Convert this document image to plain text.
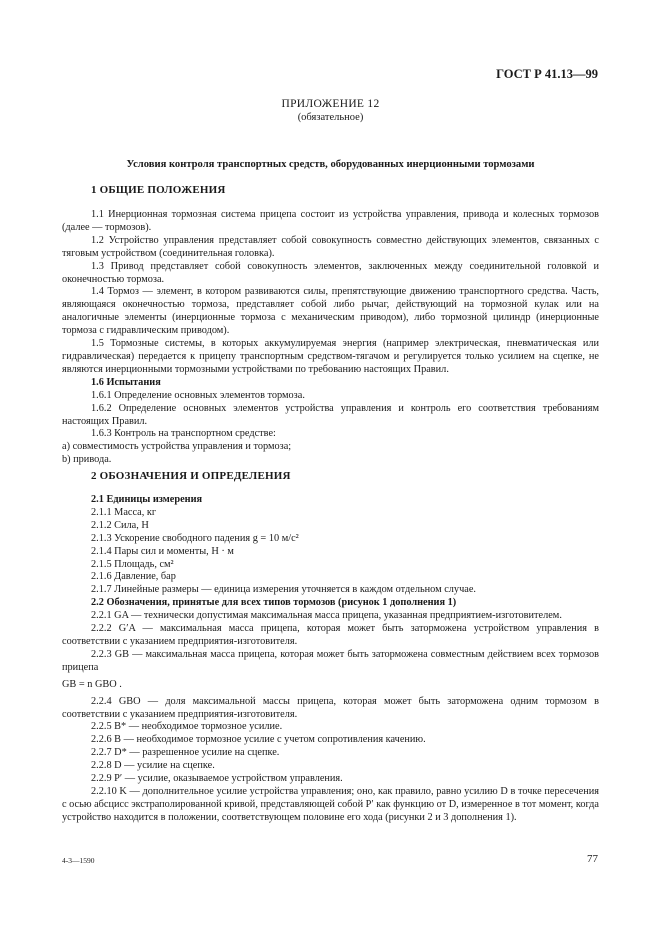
ГОСТ Р 41.13—99
ПРИЛОЖЕНИЕ 12
(обязательное)
Условия контроля транспортных средств, оборудованных инерционными тормозами
1 ОБЩИЕ ПОЛОЖЕНИЯ

1.1 Инерционная тормозная система прицепа состоит из устройства управления, привода и колесных тормозов (далее — тормозов).

1.2 Устройство управления представляет собой совокупность совместно действующих элементов, связанных с тяговым устройством (соединительная головка).

1.3 Привод представляет собой совокупность элементов, заключенных между соединительной головкой и оконечностью тормоза.

1.4 Тормоз — элемент, в котором развиваются силы, препятствующие движению транспортного средства. Часть, являющаяся оконечностью тормоза, представляет собой либо рычаг, действующий на тормозной кулак или на аналогичные элементы (инерционные тормоза с механическим приводом), либо тормозной цилиндр (инерционные тормоза с гидравлическим приводом).

1.5 Тормозные системы, в которых аккумулируемая энергия (например электрическая, пневматическая или гидравлическая) передается к прицепу транспортным средством-тягачом и регулируется только усилием на сцепке, не являются инерционными тормозными устройствами по требованию настоящих Правил.

1.6 Испытания

1.6.1 Определение основных элементов тормоза.

1.6.2 Определение основных элементов устройства управления и контроль его соответствия требованиям настоящих Правил.

1.6.3 Контроль на транспортном средстве:

a) совместимость устройства управления и тормоза;

b) привода.

2 ОБОЗНАЧЕНИЯ И ОПРЕДЕЛЕНИЯ

2.1 Единицы измерения

2.1.1 Масса, кг

2.1.2 Сила, Н

2.1.3 Ускорение свободного падения g = 10 м/с²

2.1.4 Пары сил и моменты, Н · м

2.1.5 Площадь, см²

2.1.6 Давление, бар

2.1.7 Линейные размеры — единица измерения уточняется в каждом отдельном случае.

2.2 Обозначения, принятые для всех типов тормозов (рисунок 1 дополнения 1)

2.2.1 GA — технически допустимая максимальная масса прицепа, указанная предприятием-изготовителем.

2.2.2 G′A — максимальная масса прицепа, которая может быть заторможена устройством управления в соответствии с указанием предприятия-изготовителя.

2.2.3 GB — максимальная масса прицепа, которая может быть заторможена совместным действием всех тормозов прицепа

GB = n GBO .

2.2.4 GBO — доля максимальной массы прицепа, которая может быть заторможена одним тормозом в соответствии с указанием предприятия-изготовителя.

2.2.5 B* — необходимое тормозное усилие.

2.2.6 B — необходимое тормозное усилие с учетом сопротивления качению.

2.2.7 D* — разрешенное усилие на сцепке.

2.2.8 D — усилие на сцепке.

2.2.9 P′ — усилие, оказываемое устройством управления.

2.2.10 K — дополнительное усилие устройства управления; оно, как правило, равно усилию D в точке пересечения с осью абсцисс экстраполированной кривой, представляющей собой P′ как функцию от D, измеренное в тот момент, когда устройство находится в положении, соответствующем половине его хода (рисунки 2 и 3 дополнения 1).

4-3—1590	77
